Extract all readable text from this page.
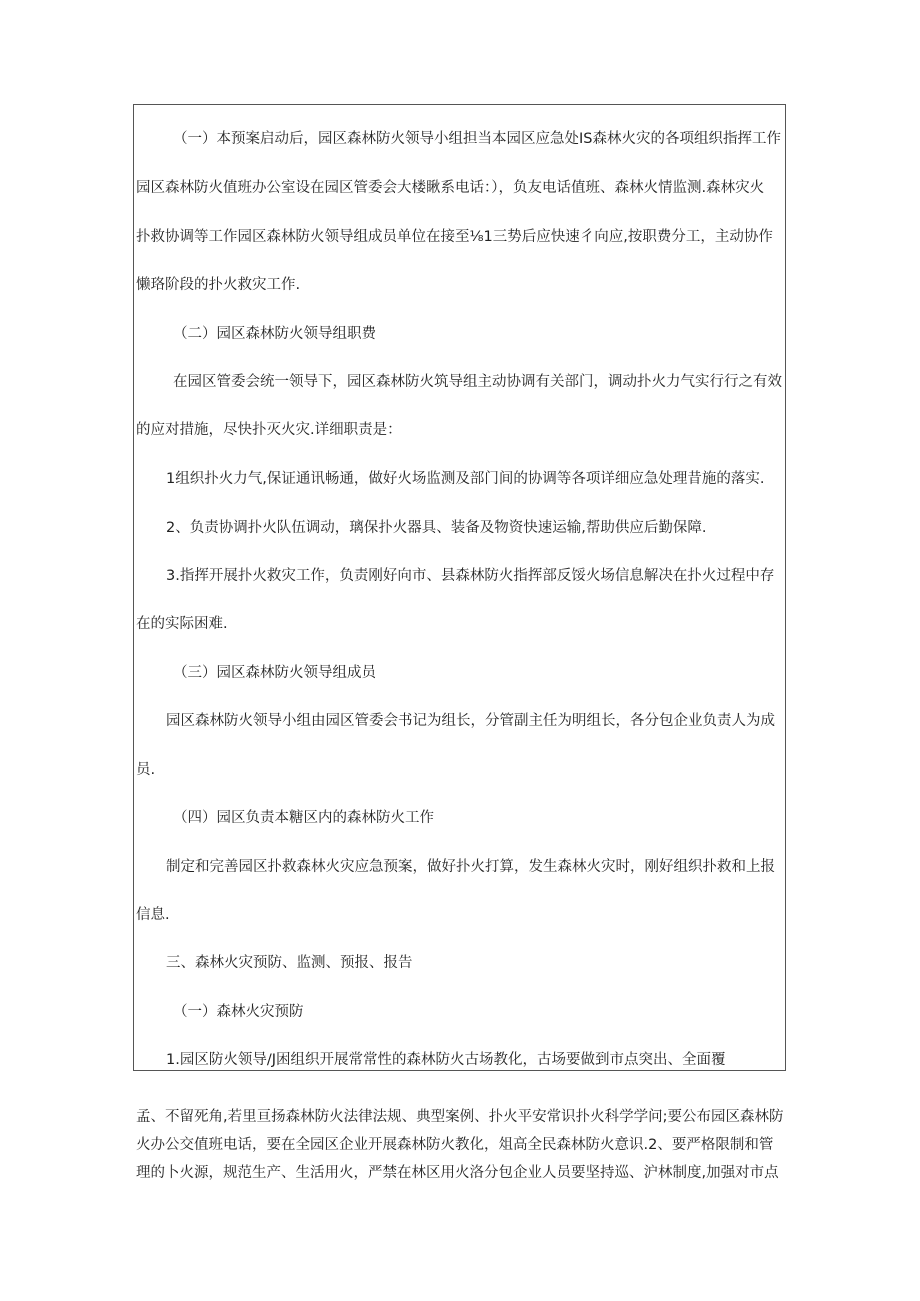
（一）本预案启动后，园区森林防火领导小组担当本园区应急处IS森林火灾的各项组织指挥工作
园区森林防火值班办公室设在园区管委会大楼瞅系电话：），负友电话值班、森林火情监测.森林灾火
扑救协调等工作园区森林防火领导组成员单位在接至⅛1三势后应快速彳向应,按职费分工，主动协作
懒珞阶段的扑火救灾工作.
（二）园区森林防火领导组职费
在园区管委会统一领导下，园区森林防火筑导组主动协调有关部门，调动扑火力气实行行之有效
的应对措施，尽快扑灭火灾.详细职责是：
1组织扑火力气,保证通讯畅通，做好火场监测及部门间的协调等各项详细应急处理昔施的落实.
2、负责协调扑火队伍调动，璃保扑火器具、装备及物资快速运输,帮助供应后勤保障.
3.指挥开展扑火救灾工作，负责刚好向市、县森林防火指挥部反馁火场信息解决在扑火过程中存
在的实际困难.
（三）园区森林防火领导组成员
园区森林防火领导小组由园区管委会书记为组长，分管副主任为明组长，各分包企业负责人为成
员.
（四）园区负责本糖区内的森林防火工作
制定和完善园区扑救森林火灾应急预案，做好扑火打算，发生森林火灾时，刚好组织扑救和上报
信息.
三、森林火灾预防、监测、预报、报告
（一）森林火灾预防
1.园区防火领导/J困组织开展常常性的森林防火古场教化，古场要做到市点突出、全面覆
孟、不留死角,若里亘扬森林防火法律法规、典型案例、扑火平安常识扑火科学学问;要公布园区森林防
火办公交值班电话，要在全园区企业开展森林防火教化，俎高全民森林防火意识.2、要严格限制和管
理的卜火源，规范生产、生活用火，严禁在林区用火洛分包企业人员要坚持巡、沪林制度,加强对市点
